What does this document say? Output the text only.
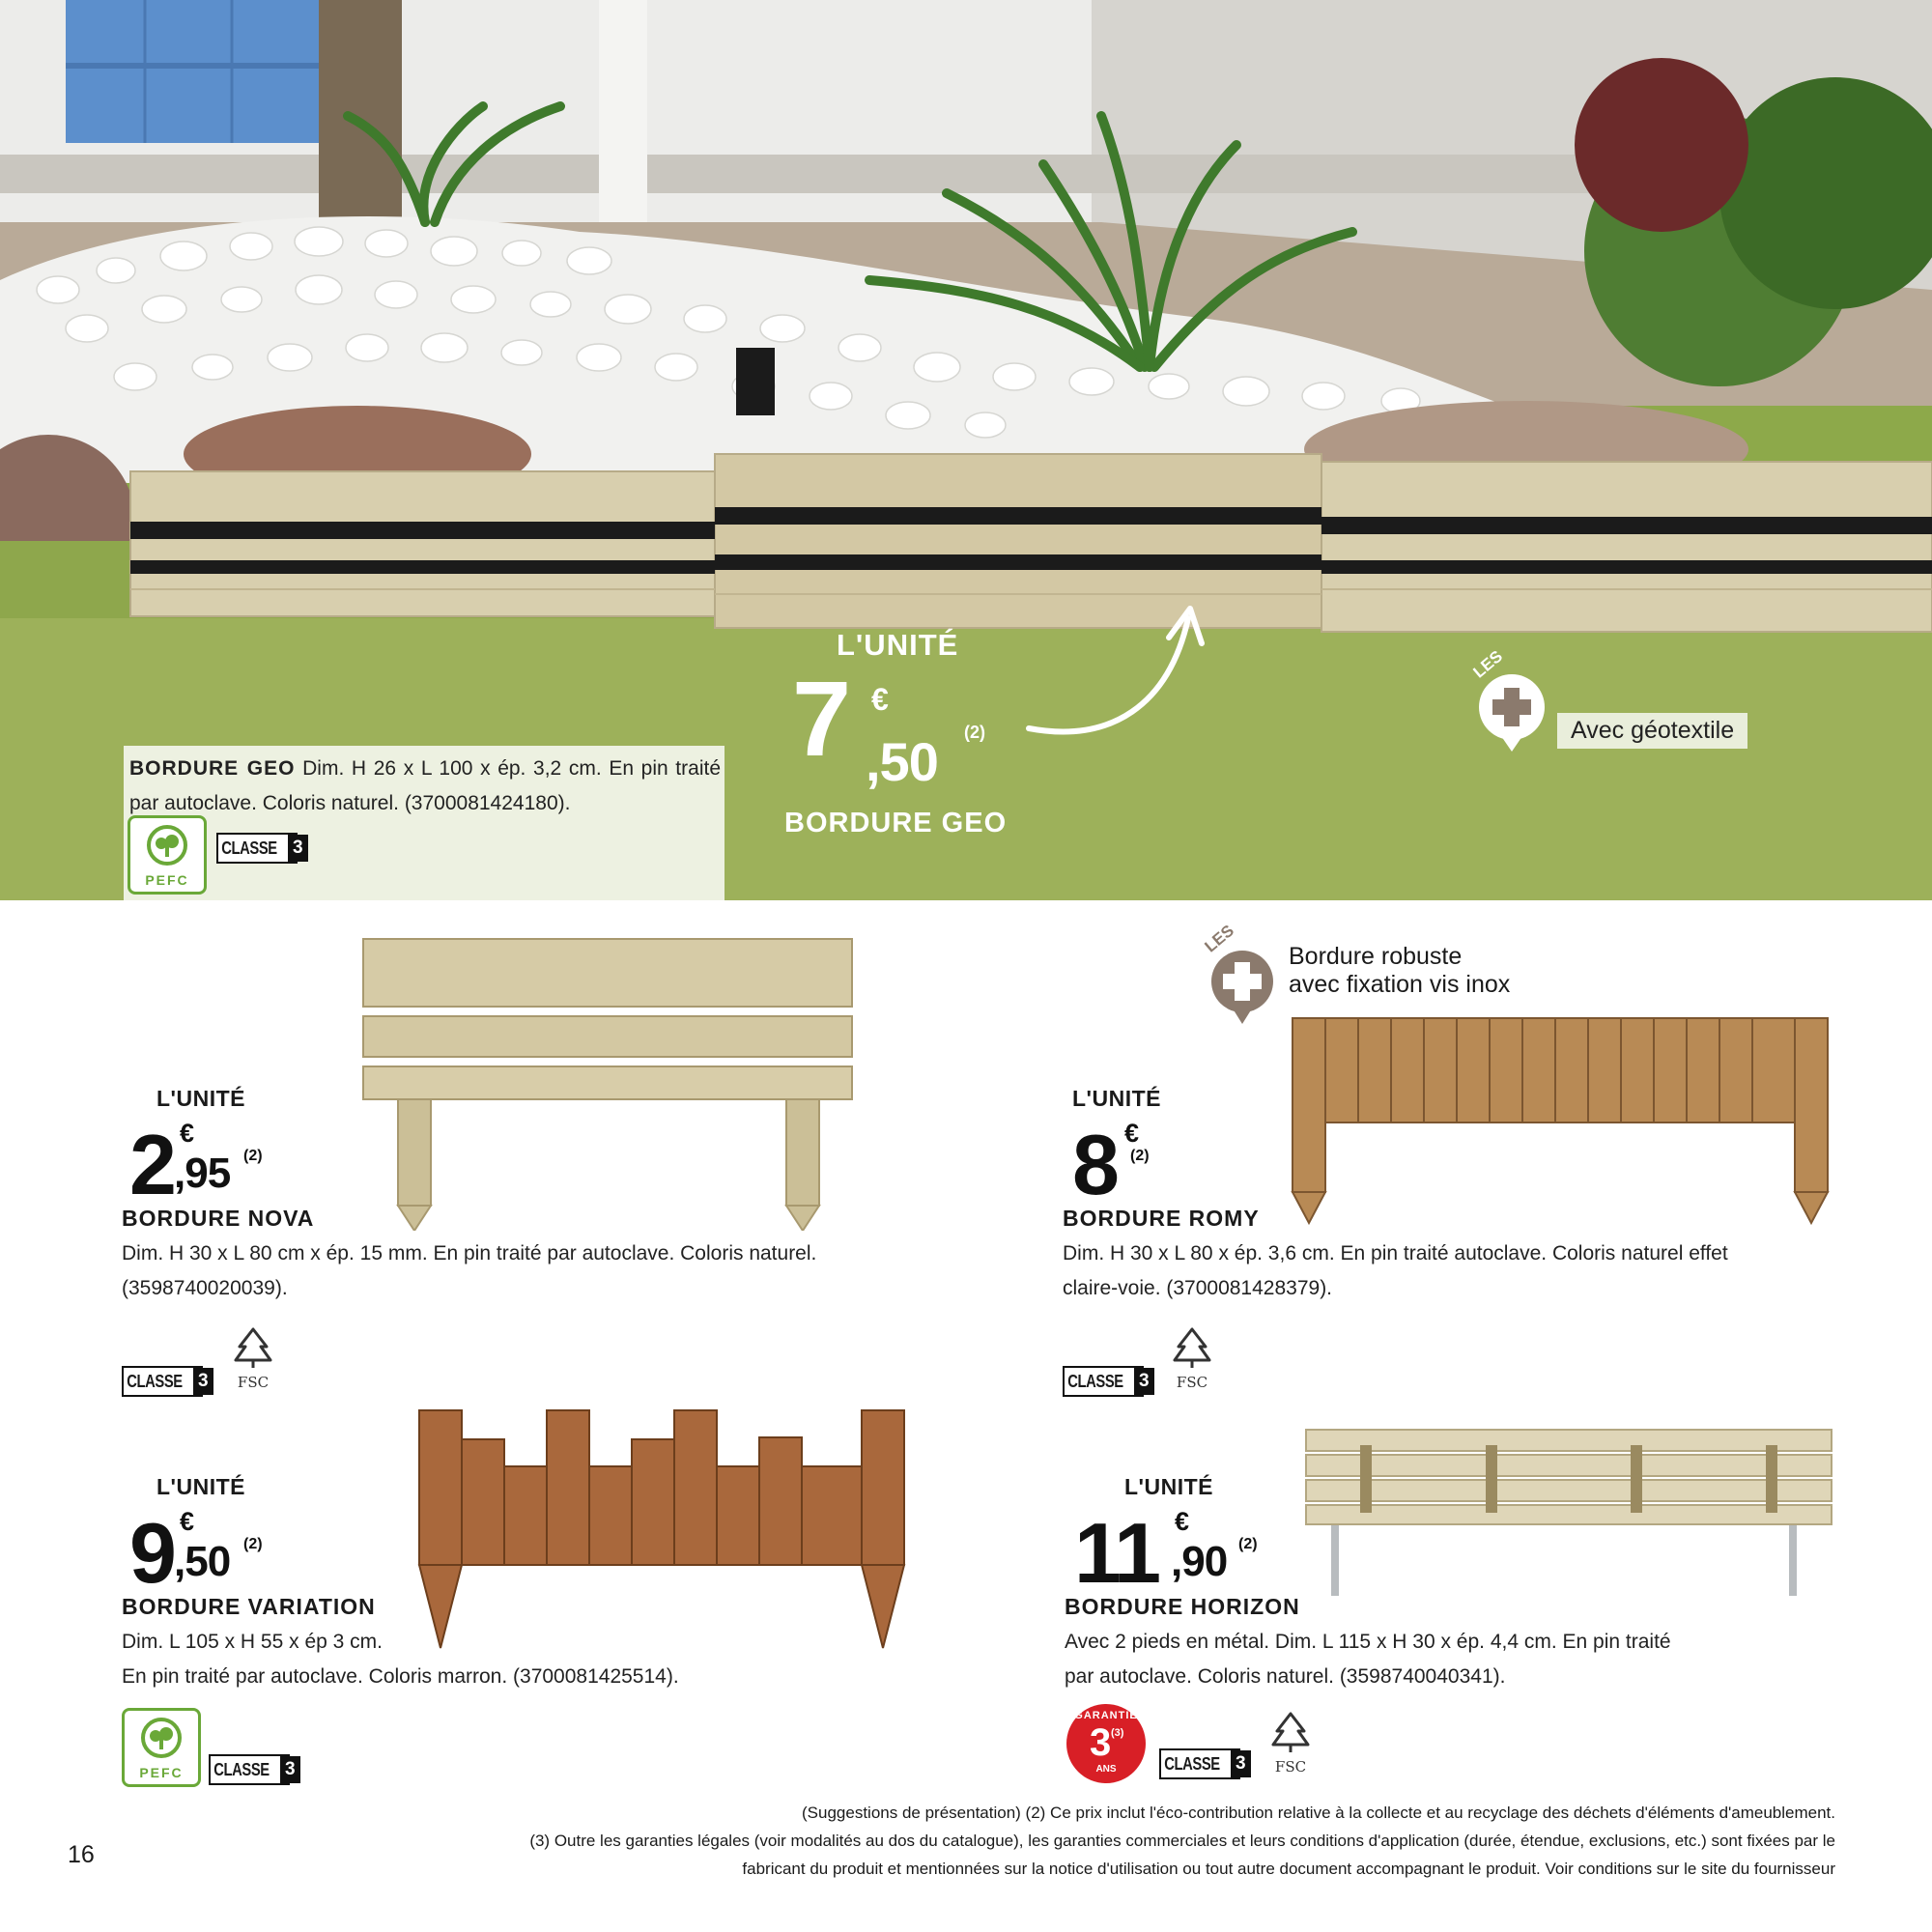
LES
Avec géotextile
L'UNITÉ
7 €
,50 (2)
BORDURE GEO
BORDURE GEO Dim. H 26 x L 100 x ép. 3,2 cm. En pin traité par autoclave. Coloris naturel. (3700081424180).
PEFC
CLASSE 3
L'UNITÉ
2 €
,95 (2)
BORDURE NOVA
Dim. H 30 x L 80 cm x ép. 15 mm. En pin traité par autoclave. Coloris naturel.
(3598740020039).
CLASSE 3	FSC
LES
Bordure robuste
avec fixation vis inox
L'UNITÉ
8 €
(2)
BORDURE ROMY
Dim. H 30 x L 80 x ép. 3,6 cm. En pin traité autoclave. Coloris naturel effet
claire-voie. (3700081428379).
CLASSE 3	FSC
L'UNITÉ
9 €
,50 (2)
BORDURE VARIATION
Dim. L 105 x H 55 x ép 3 cm.
En pin traité par autoclave. Coloris marron. (3700081425514).
PEFC	CLASSE 3
L'UNITÉ
11 €
,90 (2)
BORDURE HORIZON
Avec 2 pieds en métal. Dim. L 115 x H 30 x ép. 4,4 cm. En pin traité
par autoclave. Coloris naturel. (3598740040341).
GARANTIE
3 (3)
ANS	CLASSE 3	FSC
(Suggestions de présentation) (2) Ce prix inclut l'éco-contribution relative à la collecte et au recyclage des déchets d'éléments d'ameublement.
(3) Outre les garanties légales (voir modalités au dos du catalogue), les garanties commerciales et leurs conditions d'application (durée, étendue, exclusions, etc.) sont fixées par le
fabricant du produit et mentionnées sur la notice d'utilisation ou tout autre document accompagnant le produit. Voir conditions sur le site du fournisseur
16
